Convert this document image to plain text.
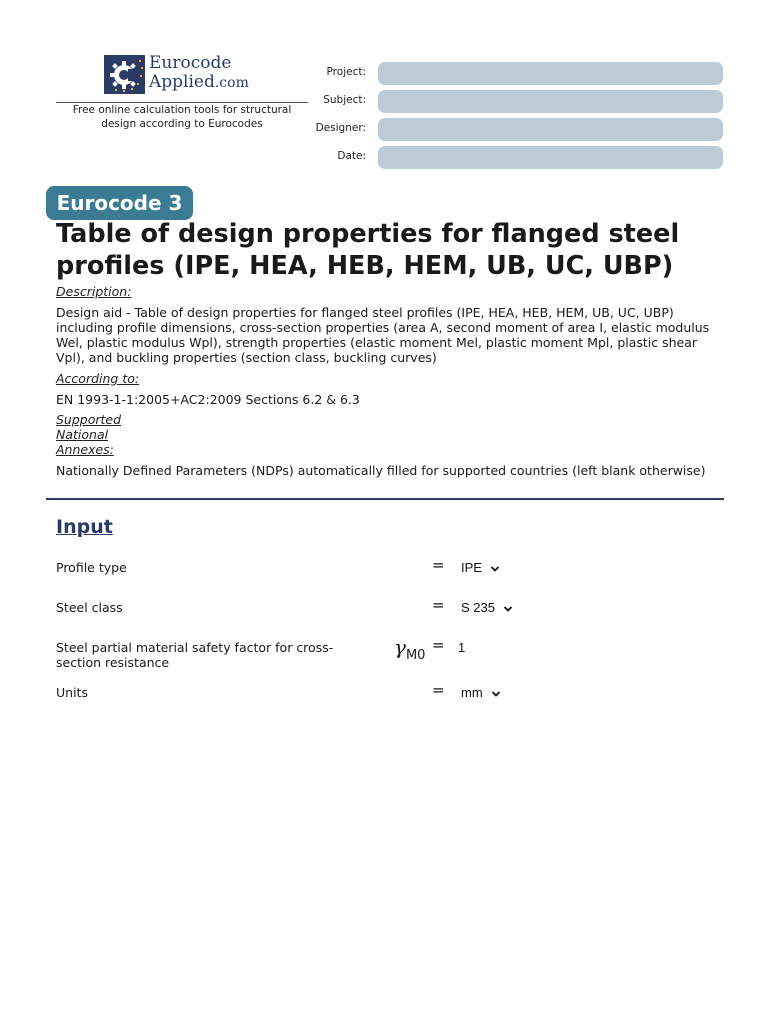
Eurocode
Applied.com
Free online calculation tools for structural design according to Eurocodes
Project:
Subject:
Designer:
Date:
Eurocode 3
Table of design properties for flanged steel profiles (IPE, HEA, HEB, HEM, UB, UC, UBP)
Description:
Design aid - Table of design properties for flanged steel profiles (IPE, HEA, HEB, HEM, UB, UC, UBP) including profile dimensions, cross-section properties (area A, second moment of area I, elastic modulus Wel, plastic modulus Wpl), strength properties (elastic moment Mel, plastic moment Mpl, plastic shear Vpl), and buckling properties (section class, buckling curves)
According to:
EN 1993-1-1:2005+AC2:2009 Sections 6.2 & 6.3
Supported
National
Annexes:
Nationally Defined Parameters (NDPs) automatically filled for supported countries (left blank otherwise)
Input
Profile type	= IPE
Steel class	= S 235
Steel partial material safety factor for cross-section resistance
$\gamma_{M0}$
= 1
Units	= mm
